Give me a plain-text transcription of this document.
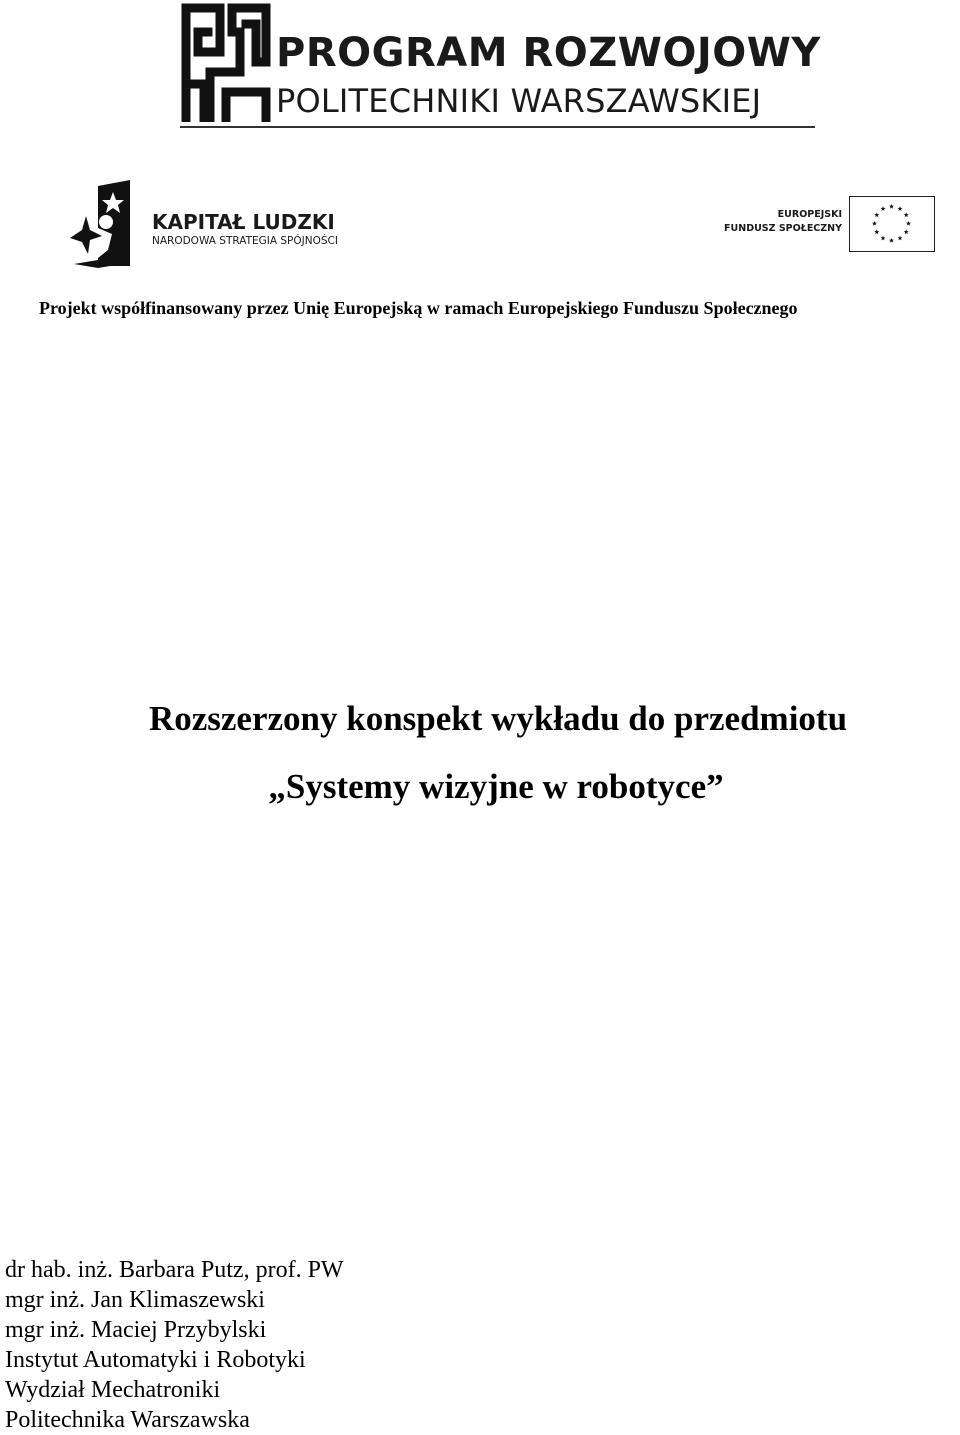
PROGRAM ROZWOJOWY
POLITECHNIKI WARSZAWSKIEJ
KAPITAŁ LUDZKI
NARODOWA STRATEGIA SPÓJNOŚCI
EUROPEJSKI
FUNDUSZ SPOŁECZNY
Projekt współfinansowany przez Unię Europejską w ramach Europejskiego Funduszu Społecznego
Rozszerzony konspekt wykładu do przedmiotu
„Systemy wizyjne w robotyce”
dr hab. inż. Barbara Putz, prof. PW
mgr inż. Jan Klimaszewski
mgr inż. Maciej Przybylski
Instytut Automatyki i Robotyki
Wydział Mechatroniki
Politechnika Warszawska
